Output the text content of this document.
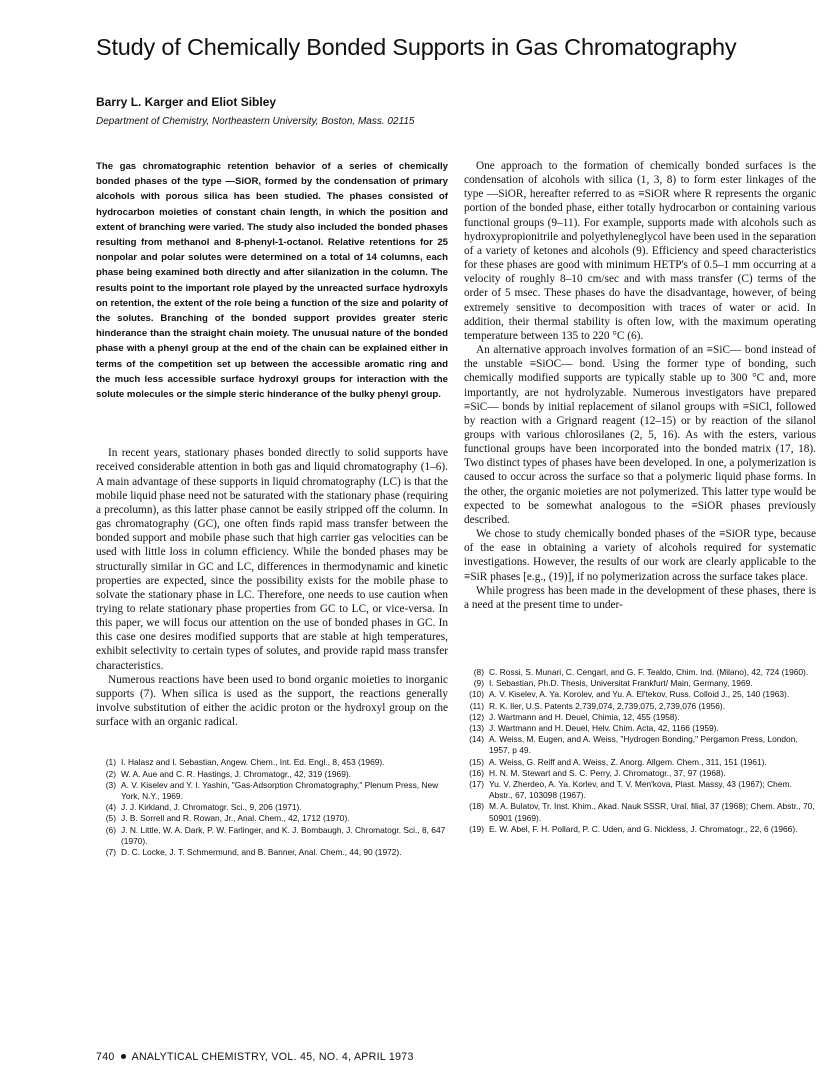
Study of Chemically Bonded Supports in Gas Chromatography

Barry L. Karger and Eliot Sibley

Department of Chemistry, Northeastern University, Boston, Mass. 02115

The gas chromatographic retention behavior of a series of chemically bonded phases of the type —SiOR, formed by the condensation of primary alcohols with porous silica has been studied. The phases consisted of hydrocarbon moieties of constant chain length, in which the position and extent of branching were varied. The study also included the bonded phases resulting from methanol and 8-phenyl-1-octanol. Relative retentions for 25 nonpolar and polar solutes were determined on a total of 14 columns, each phase being examined both directly and after silanization in the column. The results point to the important role played by the unreacted surface hydroxyls on retention, the extent of the role being a function of the size and polarity of the solutes. Branching of the bonded support provides greater steric hinderance than the straight chain moiety. The unusual nature of the bonded phase with a phenyl group at the end of the chain can be explained either in terms of the competition set up between the accessible aromatic ring and the much less accessible surface hydroxyl groups for interaction with the solute molecules or the simple steric hinderance of the bulky phenyl group.

In recent years, stationary phases bonded directly to solid supports have received considerable attention in both gas and liquid chromatography (1–6). A main advantage of these supports in liquid chromatography (LC) is that the mobile liquid phase need not be saturated with the stationary phase (requiring a precolumn), as this latter phase cannot be easily stripped off the column. In gas chromatography (GC), one often finds rapid mass transfer between the bonded support and mobile phase such that high carrier gas velocities can be used with little loss in column efficiency. While the bonded phases may be structurally similar in GC and LC, differences in thermodynamic and kinetic properties are expected, since the possibility exists for the mobile phase to solvate the stationary phase in LC. Therefore, one needs to use caution when trying to relate stationary phase properties from GC to LC, or vice-versa. In this paper, we will focus our attention on the use of bonded phases in GC. In this case one desires modified supports that are stable at high temperatures, exhibit selectivity to certain types of solutes, and provide rapid mass transfer characteristics.

Numerous reactions have been used to bond organic moieties to inorganic supports (7). When silica is used as the support, the reactions generally involve substitution of either the acidic proton or the hydroxyl group on the surface with an organic radical.

(1) I. Halasz and I. Sebastian, Angew. Chem., Int. Ed. Engl., 8, 453 (1969).
(2) W. A. Aue and C. R. Hastings, J. Chromatogr., 42, 319 (1969).
(3) A. V. Kiselev and Y. I. Yashin, "Gas-Adsorption Chromatography," Plenum Press, New York, N.Y., 1969.
(4) J. J. Kirkland, J. Chromatogr. Sci., 9, 206 (1971).
(5) J. B. Sorrell and R. Rowan, Jr., Anal. Chem., 42, 1712 (1970).
(6) J. N. Little, W. A. Dark, P. W. Farlinger, and K. J. Bombaugh, J. Chromatogr. Sci., 8, 647 (1970).
(7) D. C. Locke, J. T. Schmermund, and B. Banner, Anal. Chem., 44, 90 (1972).

One approach to the formation of chemically bonded surfaces is the condensation of alcohols with silica (1, 3, 8) to form ester linkages of the type —SiOR, hereafter referred to as ≡SiOR where R represents the organic portion of the bonded phase, either totally hydrocarbon or containing various functional groups (9–11). For example, supports made with alcohols such as hydroxypropionitrile and polyethyleneglycol have been used in the separation of a variety of ketones and alcohols (9). Efficiency and speed characteristics for these phases are good with minimum HETP's of 0.5–1 mm occurring at a velocity of roughly 8–10 cm/sec and with mass transfer (C) terms of the order of 5 msec. These phases do have the disadvantage, however, of being extremely sensitive to decomposition with traces of water or acid. In addition, their thermal stability is often low, with the maximum operating temperature between 135 to 220 °C (6).

An alternative approach involves formation of an ≡SiC— bond instead of the unstable ≡SiOC— bond. Using the former type of bonding, such chemically modified supports are typically stable up to 300 °C and, more importantly, are not hydrolyzable. Numerous investigators have prepared ≡SiC— bonds by initial replacement of silanol groups with ≡SiCl, followed by reaction with a Grignard reagent (12–15) or by reaction of the silanol groups with various chlorosilanes (2, 5, 16). As with the esters, various functional groups have been incorporated into the bonded matrix (17, 18). Two distinct types of phases have been developed. In one, a polymerization is caused to occur across the surface so that a polymeric liquid phase forms. In the other, the organic moieties are not polymerized. This latter type would be expected to be somewhat analogous to the ≡SiOR phases previously described.

We chose to study chemically bonded phases of the ≡SiOR type, because of the ease in obtaining a variety of alcohols required for systematic investigations. However, the results of our work are clearly applicable to the ≡SiR phases [e.g., (19)], if no polymerization across the surface takes place.

While progress has been made in the development of these phases, there is a need at the present time to under-

(8) C. Rossi, S. Munari, C. Cengarl, and G. F. Tealdo, Chim. Ind. (Milano), 42, 724 (1960).
(9) I. Sebastian, Ph.D. Thesis, Universitat Frankfurt/ Main, Germany, 1969.
(10) A. V. Kiselev, A. Ya. Korolev, and Yu. A. El'tekov, Russ. Colloid J., 25, 140 (1963).
(11) R. K. Iler, U.S. Patents 2,739,074, 2,739,075, 2,739,076 (1956).
(12) J. Wartmann and H. Deuel, Chimia, 12, 455 (1958).
(13) J. Wartmann and H. Deuel, Helv. Chim. Acta, 42, 1166 (1959).
(14) A. Weiss, M. Eugen, and A. Weiss, "Hydrogen Bonding," Pergamon Press, London, 1957, p 49.
(15) A. Weiss, G. Reiff and A. Weiss, Z. Anorg. Allgem. Chem., 311, 151 (1961).
(16) H. N. M. Stewart and S. C. Perry, J. Chromatogr., 37, 97 (1968).
(17) Yu. V. Zherdeo, A. Ya. Korlev, and T. V. Men'kova, Plast. Massy, 43 (1967); Chem. Abstr., 67, 103098 (1967).
(18) M. A. Bulatov, Tr. Inst. Khim., Akad. Nauk SSSR, Ural. filial, 37 (1968); Chem. Abstr., 70, 50901 (1969).
(19) E. W. Abel, F. H. Pollard, P. C. Uden, and G. Nickless, J. Chromatogr., 22, 6 (1966).

740 ANALYTICAL CHEMISTRY, VOL. 45, NO. 4, APRIL 1973
